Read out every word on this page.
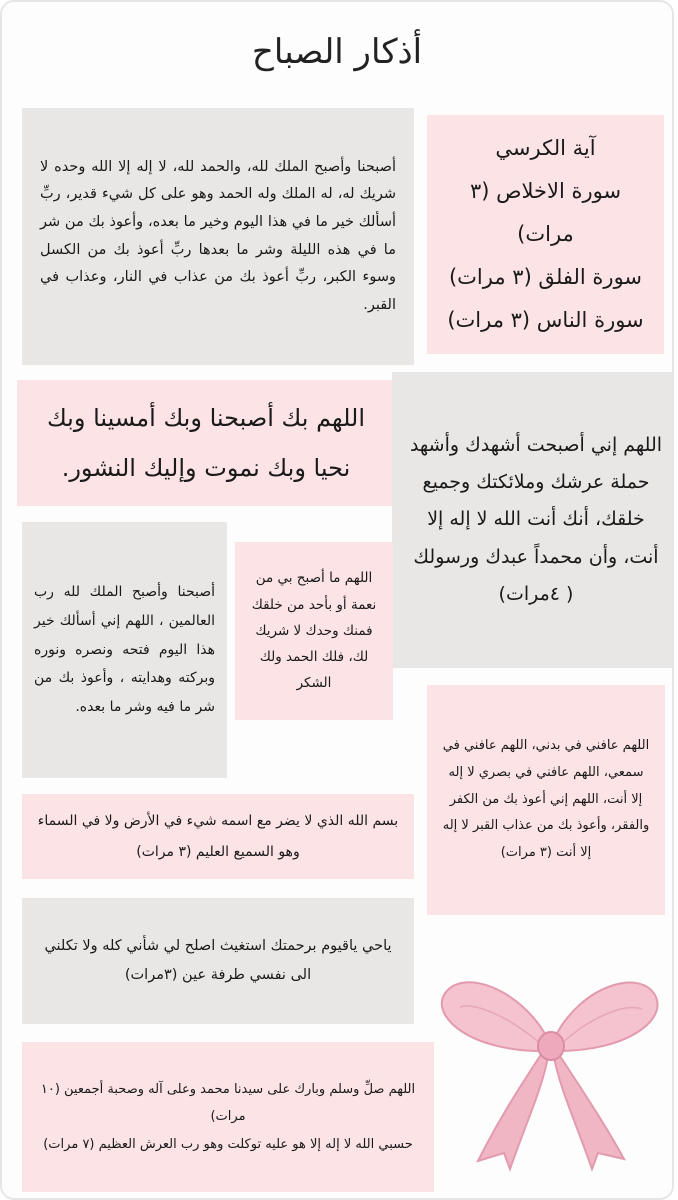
أذكار الصباح
أصبحنا وأصبح الملك لله، والحمد لله، لا إله إلا الله وحده لا شريك له، له الملك وله الحمد وهو على كل شيء قدير، ربِّ أسألك خير ما في هذا اليوم وخير ما بعده، وأعوذ بك من شر ما في هذه الليلة وشر ما بعدها ربِّ أعوذ بك من الكسل وسوء الكبر، ربِّ أعوذ بك من عذاب في النار، وعذاب في القبر.
آية الكرسي
سورة الاخلاص (٣ مرات)
سورة الفلق (٣ مرات)
سورة الناس (٣ مرات)
اللهم بك أصبحنا وبك أمسينا وبك نحيا وبك نموت وإليك النشور.
اللهم إني أصبحت أشهدك وأشهد حملة عرشك وملائكتك وجميع خلقك، أنك أنت الله لا إله إلا أنت، وأن محمداً عبدك ورسولك ( ٤مرات)
أصبحنا وأصبح الملك لله رب العالمين ، اللهم إني أسألك خير هذا اليوم فتحه ونصره ونوره وبركته وهدايته ، وأعوذ بك من شر ما فيه وشر ما بعده.
اللهم ما أصبح بي من نعمة أو بأحد من خلقك فمنك وحدك لا شريك لك، فلك الحمد ولك الشكر
اللهم عافني في بدني، اللهم عافني في سمعي، اللهم عافني في بصري لا إله إلا أنت، اللهم إني أعوذ بك من الكفر والفقر، وأعوذ بك من عذاب القبر لا إله إلا أنت (٣ مرات)
بسم الله الذي لا يضر مع اسمه شيء في الأرض ولا في السماء وهو السميع العليم (٣ مرات)
ياحي ياقيوم برحمتك استغيث اصلح لي شأني كله ولا تكلني الى نفسي طرفة عين (٣مرات)
اللهم صلِّ وسلم وبارك على سيدنا محمد وعلى آله وصحبة أجمعين (١٠ مرات)
حسبي الله لا إله إلا هو عليه توكلت وهو رب العرش العظيم (٧ مرات)
